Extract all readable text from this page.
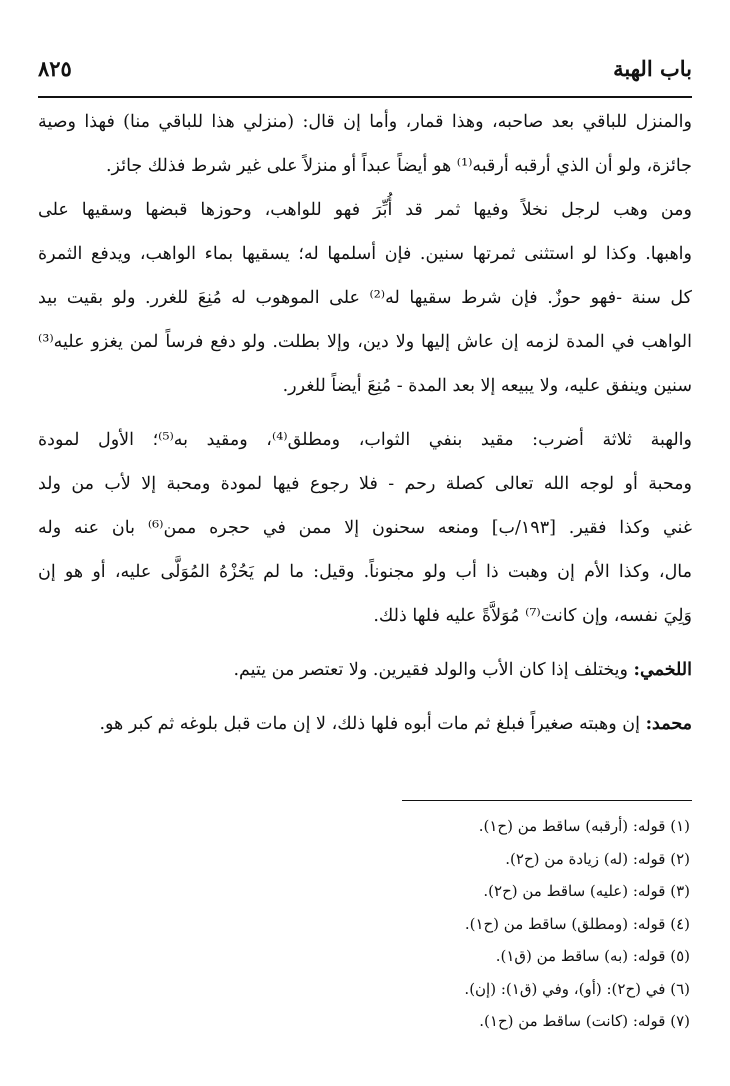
باب الهبة
٨٢٥
والمنزل للباقي بعد صاحبه، وهذا قمار، وأما إن قال: (منزلي هذا للباقي منا) فهذا وصية
جائزة، ولو أن الذي أرقبه أرقبه⁽¹⁾ هو أيضاً عبداً أو منزلاً على غير شرط فذلك جائز.
ومن وهب لرجل نخلاً وفيها ثمر قد أُبِّرَ فهو للواهب، وحوزها قبضها وسقيها على
واهبها. وكذا لو استثنى ثمرتها سنين. فإن أسلمها له؛ يسقيها بماء الواهب، ويدفع الثمرة
كل سنة -فهو حوزٌ. فإن شرط سقيها له⁽²⁾ على الموهوب له مُنِعَ للغرر. ولو بقيت بيد
الواهب في المدة لزمه إن عاش إليها ولا دين، وإلا بطلت. ولو دفع فرساً لمن يغزو عليه⁽³⁾
سنين وينفق عليه، ولا يبيعه إلا بعد المدة - مُنِعَ أيضاً للغرر.
والهبة ثلاثة أضرب: مقيد بنفي الثواب، ومطلق⁽⁴⁾، ومقيد به⁽⁵⁾؛ الأول لمودة
ومحبة أو لوجه الله تعالى كصلة رحم - فلا رجوع فيها لمودة ومحبة إلا لأب من ولد
غني وكذا فقير. [١٩٣/ب] ومنعه سحنون إلا ممن في حجره ممن⁽⁶⁾ بان عنه وله
مال، وكذا الأم إن وهبت ذا أب ولو مجنوناً. وقيل: ما لم يَحُزْهُ المُوَلَّى عليه، أو هو إن
وَلِيَ نفسه، وإن كانت⁽⁷⁾ مُوَلاَّةً عليه فلها ذلك.
اللخمي: ويختلف إذا كان الأب والولد فقيرين. ولا تعتصر من يتيم.
محمد: إن وهبته صغيراً فبلغ ثم مات أبوه فلها ذلك، لا إن مات قبل بلوغه ثم كبر هو.
(١) قوله: (أرقبه) ساقط من (ح١).
(٢) قوله: (له) زيادة من (ح٢).
(٣) قوله: (عليه) ساقط من (ح٢).
(٤) قوله: (ومطلق) ساقط من (ح١).
(٥) قوله: (به) ساقط من (ق١).
(٦) في (ح٢): (أو)، وفي (ق١): (إن).
(٧) قوله: (كانت) ساقط من (ح١).
